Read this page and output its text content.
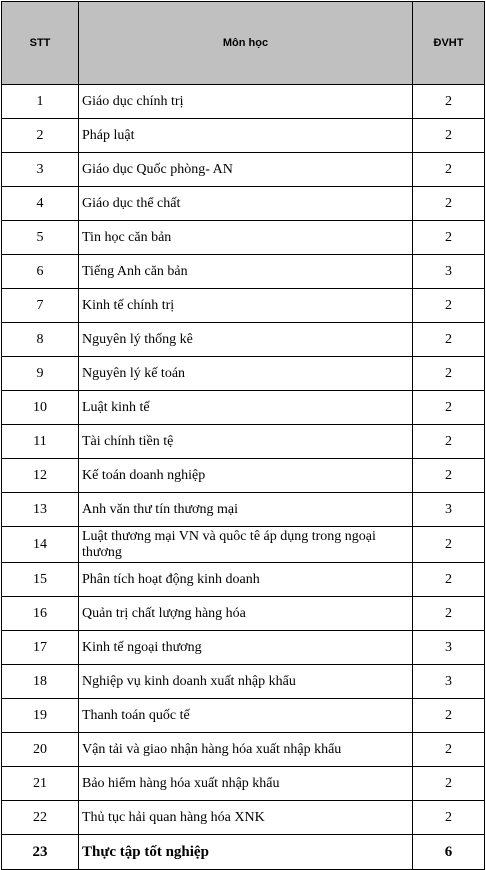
STT	Môn học	ĐVHT
1	Giáo dục chính trị	2
2	Pháp luật	2
3	Giáo dục Quốc phòng- AN	2
4	Giáo dục thể chất	2
5	Tin học căn bản	2
6	Tiếng Anh căn bản	3
7	Kinh tế chính trị	2
8	Nguyên lý thống kê	2
9	Nguyên lý kế toán	2
10	Luật kinh tế	2
11	Tài chính tiền tệ	2
12	Kế toán doanh nghiệp	2
13	Anh văn thư tín thương mại	3
14	Luật thương mại VN và quôc tê áp dụng trong ngoại thương	2
15	Phân tích hoạt động kinh doanh	2
16	Quản trị chất lượng hàng hóa	2
17	Kinh tế ngoại thương	3
18	Nghiệp vụ kinh doanh xuất nhập khẩu	3
19	Thanh toán quốc tế	2
20	Vận tải và giao nhận hàng hóa xuất nhập khẩu	2
21	Bảo hiểm hàng hóa xuất nhập khẩu	2
22	Thủ tục hải quan hàng hóa XNK	2
23	Thực tập tốt nghiệp	6
